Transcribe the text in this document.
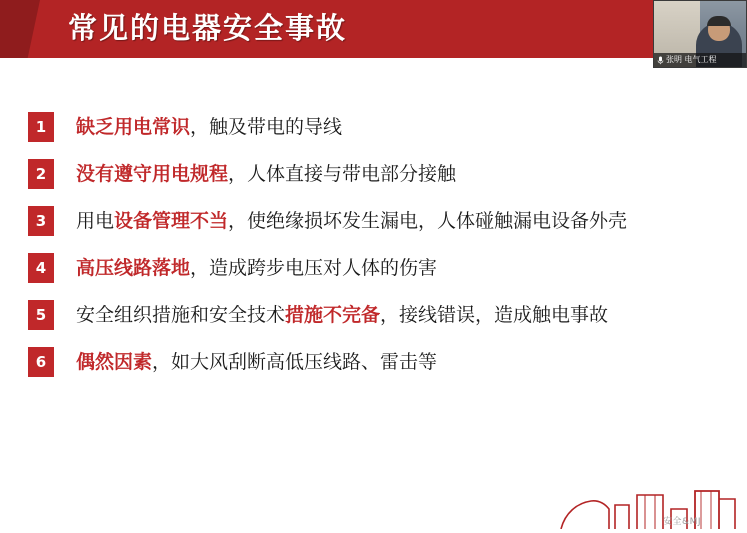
常见的电器安全事故
张明 电气工程
1	缺乏用电常识，触及带电的导线
2	没有遵守用电规程，人体直接与带电部分接触
3	用电设备管理不当，使绝缘损坏发生漏电，人体碰触漏电设备外壳
4	高压线路落地，造成跨步电压对人体的伤害
5	安全组织措施和安全技术措施不完备，接线错误，造成触电事故
6	偶然因素，如大风刮断高低压线路、雷击等
安全&MJ
